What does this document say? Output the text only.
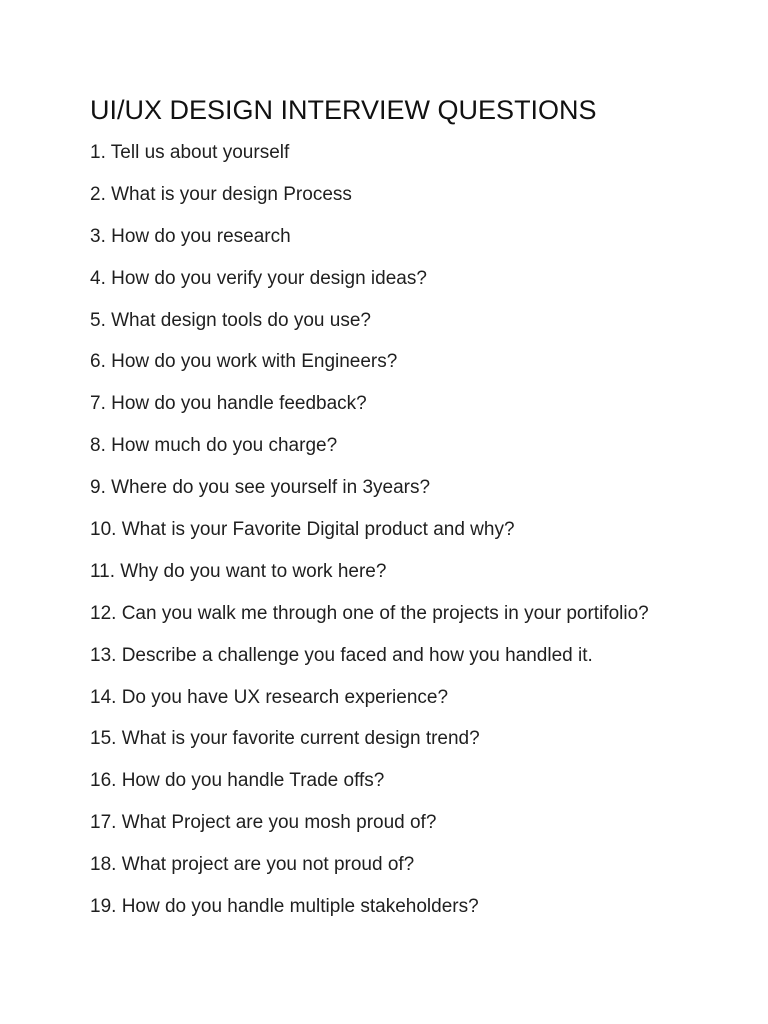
UI/UX DESIGN INTERVIEW QUESTIONS
1. Tell us about yourself
2. What is your design Process
3. How do you research
4. How do you verify your design ideas?
5. What design tools do you use?
6. How do you work with Engineers?
7. How do you handle feedback?
8. How much do you charge?
9. Where do you see yourself in 3years?
10. What is your Favorite Digital product and why?
11. Why do you want to work here?
12. Can you walk me through one of the projects in your portifolio?
13. Describe a challenge you faced and how you handled it.
14. Do you have UX research experience?
15. What is your favorite current design trend?
16. How do you handle Trade offs?
17. What Project are you mosh proud of?
18. What project are you not proud of?
19. How do you handle multiple stakeholders?
